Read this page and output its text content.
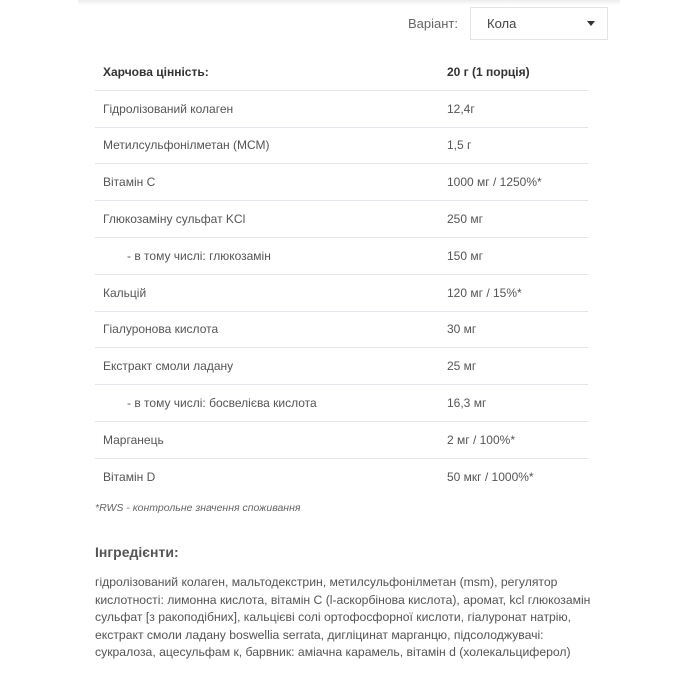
Варіант: Кола
Харчова цінність:	20 г (1 порція)
Гідролізований колаген	12,4г
Метилсульфонілметан (МСМ)	1,5 г
Вітамін С	1000 мг / 1250%*
Глюкозаміну сульфат KCl	250 мг
- в тому числі: глюкозамін	150 мг
Кальцій	120 мг / 15%*
Гіалуронова кислота	30 мг
Екстракт смоли ладану	25 мг
- в тому числі: босвелієва кислота	16,3 мг
Марганець	2 мг / 100%*
Вітамін D	50 мкг / 1000%*
*RWS - контрольне значення споживання
Інгредієнти:
гідролізований колаген, мальтодекстрин, метилсульфонілметан (msm), регулятор кислотності: лимонна кислота, вітамін С (l-аскорбінова кислота), аромат, kcl глюкозамін сульфат [з ракоподібних], кальцієві солі ортофосфорної кислоти, гіалуронат натрію, екстракт смоли ладану boswellia serrata, дигліцинат марганцю, підсолоджувачі: сукралоза, ацесульфам к, барвник: аміачна карамель, вітамін d (холекальциферол)
